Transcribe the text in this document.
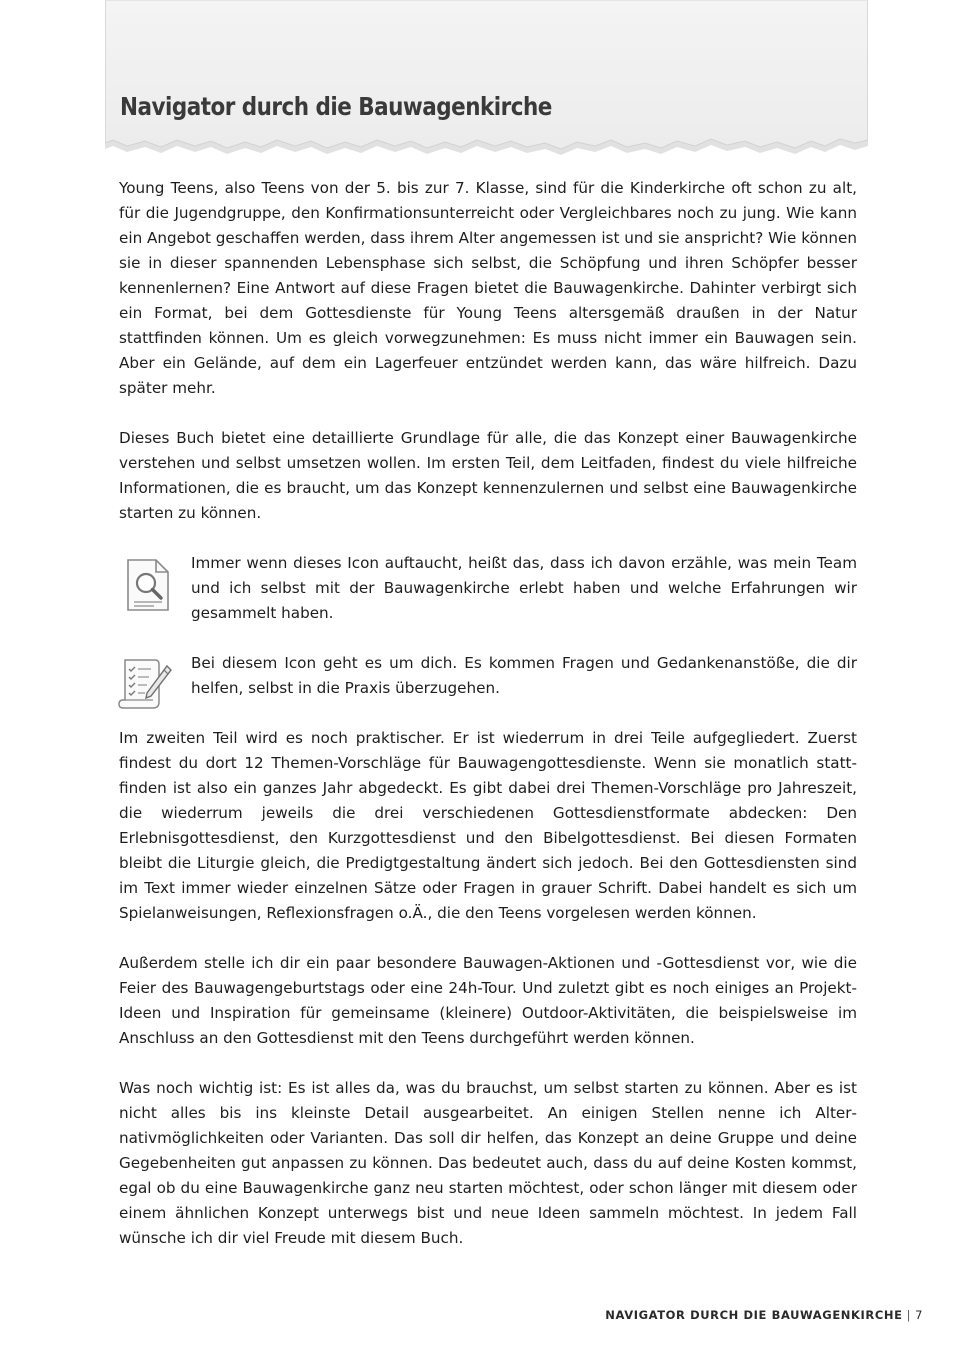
Navigator durch die Bauwagenkirche

Young Teens, also Teens von der 5. bis zur 7. Klasse, sind für die Kinderkirche oft schon zu alt, für die Jugendgruppe, den Konfirmationsunterreicht oder Vergleichbares noch zu jung. Wie kann ein Angebot geschaffen werden, dass ihrem Alter angemessen ist und sie anspricht? Wie können sie in dieser spannenden Lebensphase sich selbst, die Schöpfung und ihren Schöpfer besser kennenlernen? Eine Antwort auf diese Fragen bietet die Bauwagenkirche. Dahinter verbirgt sich ein Format, bei dem Gottesdienste für Young Teens altersgemäß draußen in der Natur stattfinden können. Um es gleich vorwegzunehmen: Es muss nicht immer ein Bauwagen sein. Aber ein Gelände, auf dem ein Lagerfeuer entzündet werden kann, das wäre hilfreich. Dazu später mehr.

Dieses Buch bietet eine detaillierte Grundlage für alle, die das Konzept einer Bauwagenkirche verstehen und selbst umsetzen wollen. Im ersten Teil, dem Leitfaden, findest du viele hilfreiche Informationen, die es braucht, um das Konzept kennenzulernen und selbst eine Bauwagenkirche starten zu können.

Immer wenn dieses Icon auftaucht, heißt das, dass ich davon erzähle, was mein Team und ich selbst mit der Bauwagenkirche erlebt haben und welche Erfahrungen wir gesammelt haben.

Bei diesem Icon geht es um dich. Es kommen Fragen und Gedankenanstöße, die dir helfen, selbst in die Praxis überzugehen.

Im zweiten Teil wird es noch praktischer. Er ist wiederrum in drei Teile aufgegliedert. Zuerst findest du dort 12 Themen-Vorschläge für Bauwagengottesdienste. Wenn sie monatlich stattfinden ist also ein ganzes Jahr abgedeckt. Es gibt dabei drei Themen-Vorschläge pro Jahreszeit, die wiederrum jeweils die drei verschiedenen Gottesdienstformate abdecken: Den Erlebnisgottesdienst, den Kurzgottesdienst und den Bibelgottesdienst. Bei diesen Formaten bleibt die Liturgie gleich, die Predigtgestaltung ändert sich jedoch. Bei den Gottesdiensten sind im Text immer wieder einzelnen Sätze oder Fragen in grauer Schrift. Dabei handelt es sich um Spielanweisungen, Reflexionsfragen o.Ä., die den Teens vorgelesen werden können.

Außerdem stelle ich dir ein paar besondere Bauwagen-Aktionen und -Gottesdienst vor, wie die Feier des Bauwagengeburtstags oder eine 24h-Tour. Und zuletzt gibt es noch einiges an Projekt-Ideen und Inspiration für gemeinsame (kleinere) Outdoor-Aktivitäten, die beispielsweise im Anschluss an den Gottesdienst mit den Teens durchgeführt werden können.

Was noch wichtig ist: Es ist alles da, was du brauchst, um selbst starten zu können. Aber es ist nicht alles bis ins kleinste Detail ausgearbeitet. An einigen Stellen nenne ich Alternativmöglichkeiten oder Varianten. Das soll dir helfen, das Konzept an deine Gruppe und deine Gegebenheiten gut anpassen zu können. Das bedeutet auch, dass du auf deine Kosten kommst, egal ob du eine Bauwagenkirche ganz neu starten möchtest, oder schon länger mit diesem oder einem ähnlichen Konzept unterwegs bist und neue Ideen sammeln möchtest. In jedem Fall wünsche ich dir viel Freude mit diesem Buch.

NAVIGATOR DURCH DIE BAUWAGENKIRCHE | 7
